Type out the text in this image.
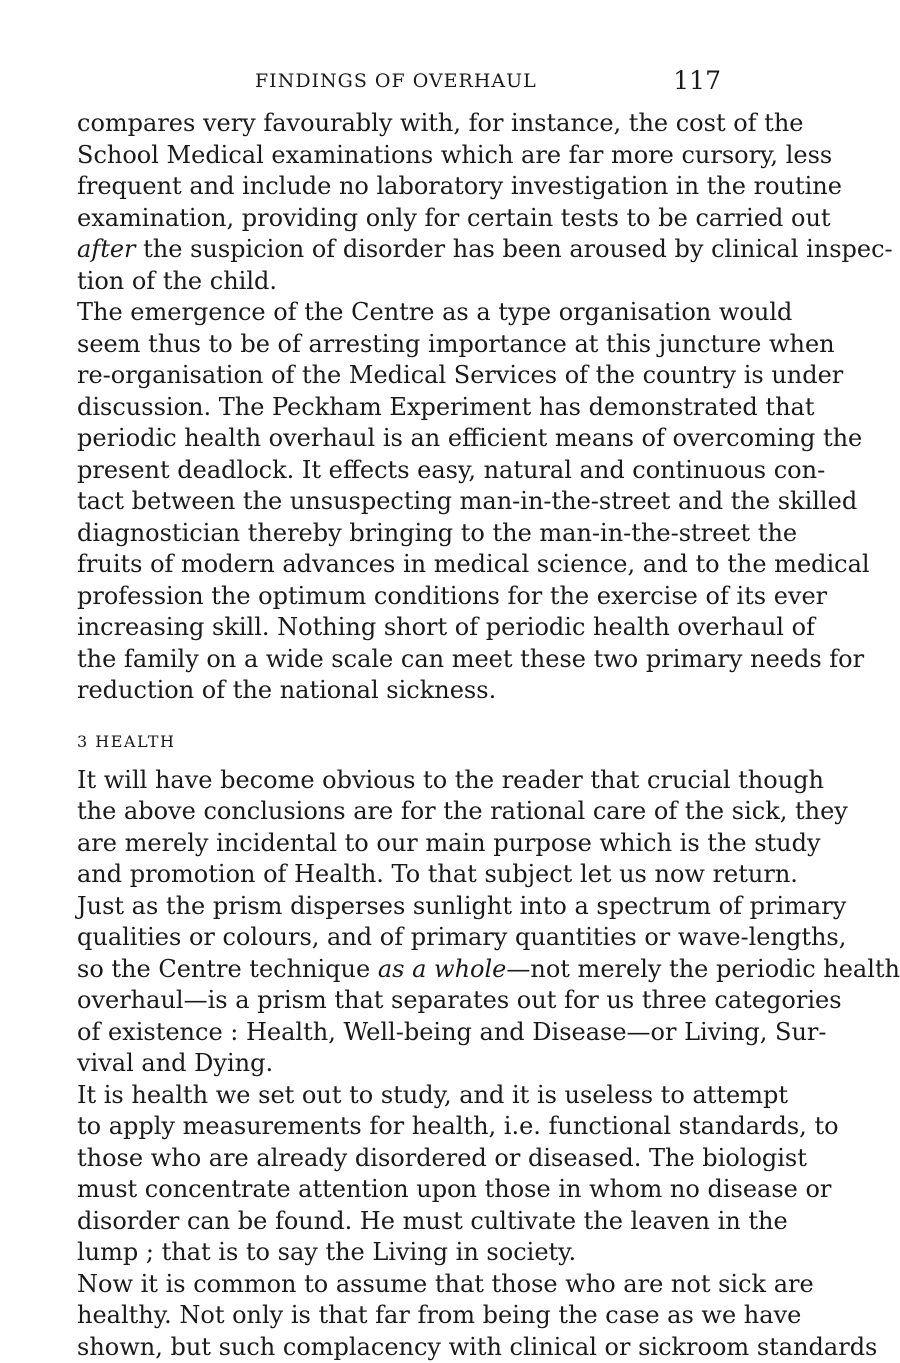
FINDINGS OF OVERHAUL	117
compares very favourably with, for instance, the cost of the
School Medical examinations which are far more cursory, less
frequent and include no laboratory investigation in the routine
examination, providing only for certain tests to be carried out
after the suspicion of disorder has been aroused by clinical inspec-
tion of the child.
The emergence of the Centre as a type organisation would
seem thus to be of arresting importance at this juncture when
re-organisation of the Medical Services of the country is under
discussion. The Peckham Experiment has demonstrated that
periodic health overhaul is an efficient means of overcoming the
present deadlock. It effects easy, natural and continuous con-
tact between the unsuspecting man-in-the-street and the skilled
diagnostician thereby bringing to the man-in-the-street the
fruits of modern advances in medical science, and to the medical
profession the optimum conditions for the exercise of its ever
increasing skill. Nothing short of periodic health overhaul of
the family on a wide scale can meet these two primary needs for
reduction of the national sickness.
3 HEALTH
It will have become obvious to the reader that crucial though
the above conclusions are for the rational care of the sick, they
are merely incidental to our main purpose which is the study
and promotion of Health. To that subject let us now return.
Just as the prism disperses sunlight into a spectrum of primary
qualities or colours, and of primary quantities or wave-lengths,
so the Centre technique as a whole—not merely the periodic health
overhaul—is a prism that separates out for us three categories
of existence : Health, Well-being and Disease—or Living, Sur-
vival and Dying.
It is health we set out to study, and it is useless to attempt
to apply measurements for health, i.e. functional standards, to
those who are already disordered or diseased. The biologist
must concentrate attention upon those in whom no disease or
disorder can be found. He must cultivate the leaven in the
lump ; that is to say the Living in society.
Now it is common to assume that those who are not sick are
healthy. Not only is that far from being the case as we have
shown, but such complacency with clinical or sickroom standards
